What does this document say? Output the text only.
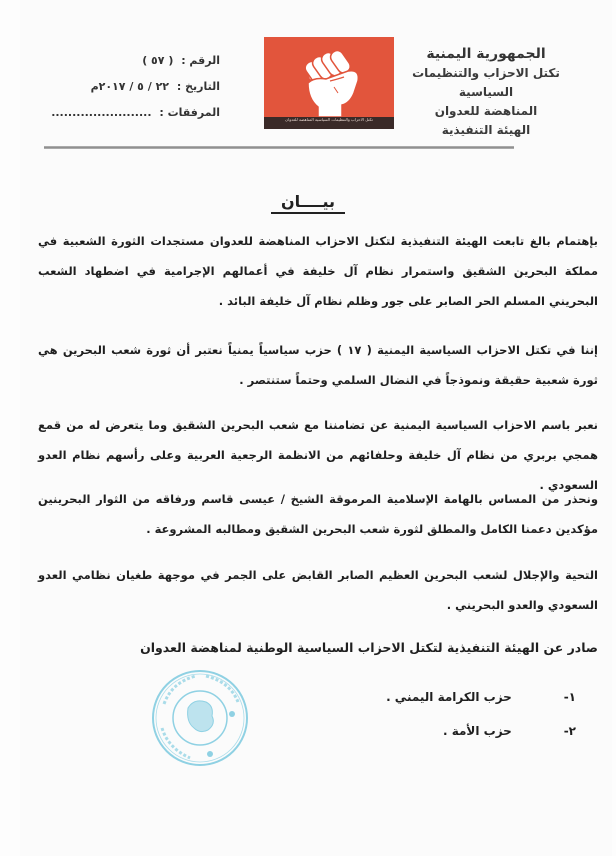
الجمهورية اليمنية
تكتل الاحزاب والتنظيمات السياسية
المناهضة للعدوان
الهيئة التنفيذية
تكتل الاحزاب والتنظيمات السياسية المناهضة للعدوان
الرقم : ( ٥٧ )
التاريخ : ٢٢ / ٥ / ٢٠١٧م
المرفقات : ........................
بيــــان
بإهتمام بالغ تابعت الهيئة التنفيذية لتكتل الاحزاب المناهضة للعدوان مستجدات الثورة الشعبية في مملكة البحرين الشقيق واستمرار نظام آل خليفة في أعمالهم الإجرامية في اضطهاد الشعب البحريني المسلم الحر الصابر على جور وظلم نظام آل خليفة البائد .
إننا في تكتل الاحزاب السياسية اليمنية ( ١٧ ) حزب سياسياً يمنياً نعتبر أن ثورة شعب البحرين هي ثورة شعبية حقيقة ونموذجاً في النضال السلمي وحتماً ستنتصر .
نعبر باسم الاحزاب السياسية اليمنية عن تضامننا مع شعب البحرين الشقيق وما يتعرض له من قمع همجي بربري من نظام آل خليفة وحلفائهم من الانظمة الرجعية العربية وعلى رأسهم نظام العدو السعودي .
ونحذر من المساس بالهامة الإسلامية المرموقة الشيخ / عيسى قاسم ورفاقه من الثوار البحرينين مؤكدين دعمنا الكامل والمطلق لثورة شعب البحرين الشقيق ومطالبه المشروعة .
التحية والإجلال لشعب البحرين العظيم الصابر القابض على الجمر في موجهة طغيان نظامي العدو السعودي والعدو البحريني .
صادر عن الهيئة التنفيذية لتكتل الاحزاب السياسية الوطنية لمناهضة العدوان
١- حزب الكرامة اليمني .
٢- حزب الأمة .
